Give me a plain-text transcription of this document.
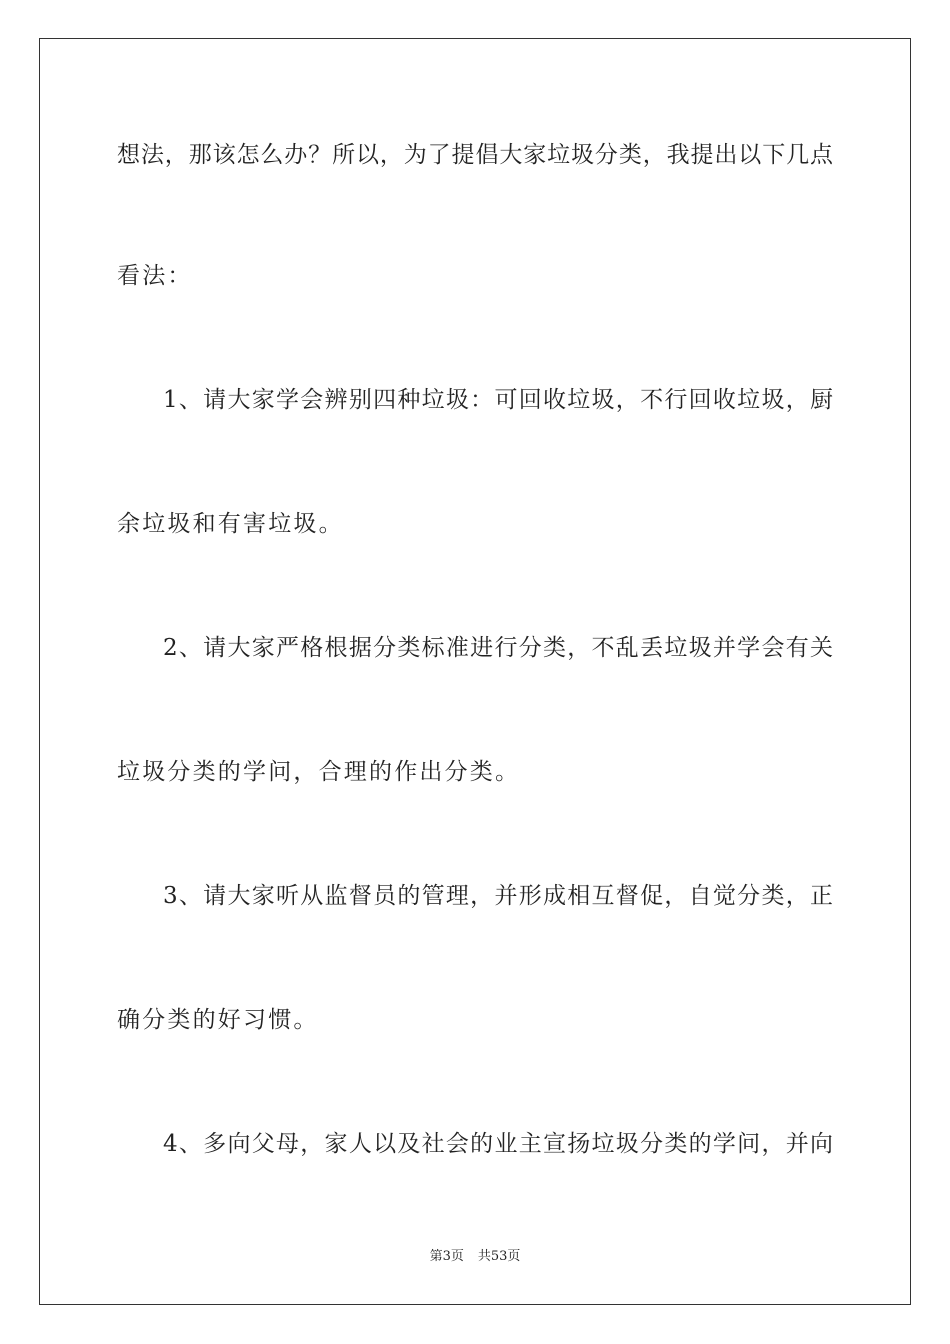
想法，那该怎么办？所以，为了提倡大家垃圾分类，我提出以下几点
看法：
1、请大家学会辨别四种垃圾：可回收垃圾，不行回收垃圾，厨
余垃圾和有害垃圾。
2、请大家严格根据分类标准进行分类，不乱丢垃圾并学会有关
垃圾分类的学问，合理的作出分类。
3、请大家听从监督员的管理，并形成相互督促，自觉分类，正
确分类的好习惯。
4、多向父母，家人以及社会的业主宣扬垃圾分类的学问，并向
第3页 共53页
